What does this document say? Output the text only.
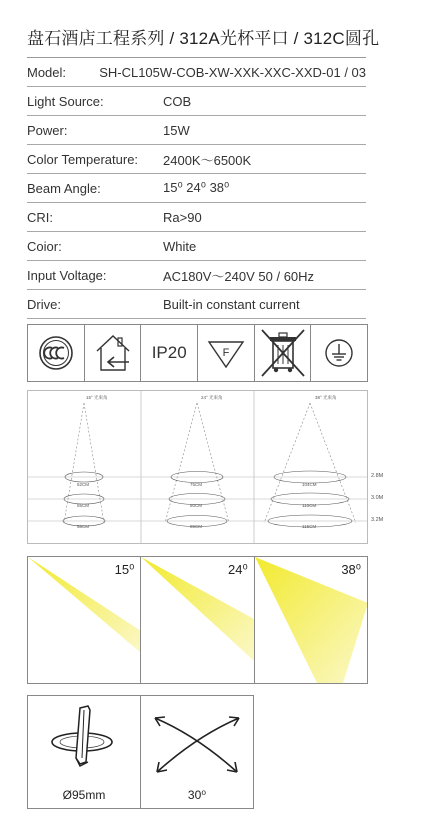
盘石酒店工程系列 / 312A光杯平口 / 312C圆孔
Model:	SH-CL105W-COB-XW-XXK-XXC-XXD-01 / 03
Light Source:	COB
Power:	15W
Color Temperature:	2400K～6500K
Beam Angle:	15⁰ 24⁰ 38⁰
CRI:	Ra>90
Coior:	White
Input Voltage:	AC180V～240V 50 / 60Hz
Drive:	Built-in constant current
IP20	F
15° 光束角	24° 光束角	38° 光束角
52CM
55CM
58CM
75CM
80CM
85CM
104CM
110CM
115CM
2.8M
3.0M
3.2M
15⁰	24⁰	38⁰
Ø95mm	30⁰
